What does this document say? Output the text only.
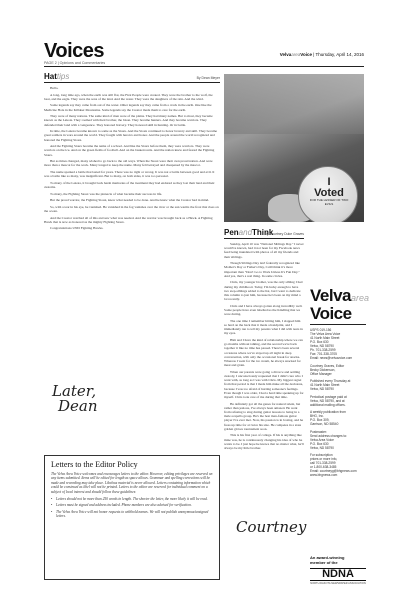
Voices
PAGE 2 | Opinions and Commentaries
VelvaareaVoice | Thursday, April 14, 2016
Hattips	By Dean Meyer

Hello.

A long, long time ago, when the earth was still flat, the First People were created. They were the brother to the wolf, the bear, and the eagle. They were the sons of the land. And the water. They were the daughters of the rain. And the wind.

Some legends say they came from out of the water. Other legends say they came from a crack in the earth. One like the Medicine Hole in the Killdeer Mountains. Some legends say the Creator made them to care for the earth.

They were of many nations. The same kind of men were of the plains. They had many names. But to most, they became known as the Lakota. They roamed with their brother, the bison. They became hunters. And they became warriors. They defended their land with a vengeance. They honored bravery. They honored skill in hunting. Or in battle.

In time, the Lakota became known to some as the Sioux. And the Sioux continued to honor bravery and skill. They became great soldiers in wars around the world. They fought with heroics and honor. And the people around the world recognized and honored the Fighting Sioux.

And the Fighting Sioux became the name of a school. And like the Sioux before them, they were warriors. They were warriors on the ice. And on the green fields of football. And on the basketcourts. And the nation knew and feared the Fighting Sioux.

But as times changed, many wished to go back to the old ways. When the Sioux were their own proud nation. And were more than a mascot for the work. Many longed to keep the name. Many felt betrayed and cheapened by the mascot.

The name sparked a battle that lasted for years. There was no right or wrong. It was not a battle between good and evil. It was a battle like so many, was insignificant. But to many, on both sides, it was too personal.

To many of the Lakota, it brought back harsh memories of the treatment they had endured as they lost their land and their customs.

To many, the Fighting Sioux was the pinnacle of what became their success in life.

But the proud warrior, the Fighting Sioux, knew what needed to be done. And he knew what the Creator had in mind.

So, with a tear in his eye, he vanished. He vanished in the fog vanishes over the river or the sun warms the frost that rises on the ocean.

And the Creator watched all of this and saw what was needed. And the warrior was brought back as a Hawk. A Fighting Hawk that is now as honored as the mighty Fighting Sioux.

Congratulations UND Fighting Hawks.

Later,
Dean
I
Voted
FOR THE LESSER OF TWO EVILS
PenandThink
By Courtney Duke Graves

Sunday, April 10 was "National Siblings Day." I never would've known, had it not been for my Facebook news feed being inundated with photos of all my friends and their siblings.

Though Siblings Day isn't federally recognized like Mother's Day or Father's Day, I still think it's more important than "Don't Go to Work Unless It's Fun Day." And yes, that's a real thing. In some circles.

Chris, my younger brother, was the only sibling I had during my childhood. Today, I'm lucky enough to have two step-siblings added to the list, but I want to dedicate this column to just him, because he's been on my mind a lot recently.

Chris and I have always gotten along incredibly well. Some people have even labelled us the Kindling that we were during.

The one time I remember hitting him, I slapped him so hard on the back that it made a handprint, and I immediately ran to tell my parents what I did with tears in my eyes.

Him and I have the kind of relationship where we can go months without talking, and the second we're back together it like no time has passed. There's been several occasions where we've stayed up all night in deep conversation, with only the occasional break for snacks. Whereas I went for the ice cream, he always snacked for meat and grain.

When our parents were going a divorce and settling custody, I unconsciously requested that I didn't care who I went with, as long as I was with Chris. My biggest regret from that period is that I made him make all the decisions, because I was too afraid of hurting someone's feelings. Even though I was older, I had a hard time speaking up for myself. Chris took care of me during that time.

He definitely got all the genes for natural talent, but rather than jealous, I've always been amazed. He went from refusing to sing during guitar lessons to being in a male acapella group. He's the best man-famous guitar player I've ever met. Now, his passion is in boxing, and he frees up time for at twice his size. He competes in a state golden gloves tournament soon.

This is his first year of college. If his is anything like mine was, he is continuously changing his idea of who he wants to be. I just hope he knows that no matter what, he'll always be my little brother.

Courtney
Letters to the Editor Policy
The Velva Area Voice welcomes and encourages letters to the editor. However, editing privileges are reserved on any items submitted. Items will be edited for length as space allows. Grammar and spelling corrections will be made and rewording may take place. Libelous material is never allowed. Letters containing information which could be construed as libel will not be printed. Letters to the editor are reserved for individual comment on a subject of local interest and should follow these guidelines:
• Letters should not be more than 250 words in length. The shorter the letter, the more likely it will be read.
• Letters must be signed and address included. Phone numbers are also advised for verification.
• The Velva Area Voice will not honor requests to withhold names. We will not publish anonymous/unsigned letters.
Velvaarea
Voice
USPS 019-156
The Velva Area Voice
41 North Main Street
P.O. Box 630
Velva, ND 58790
Ph. 701-338-2599
Fax: 701-338-3705
Email: news@velvavoice.com
Courtney Graves, Editor
Becky Dickenson,
Office Manager
Published every Thursday at
41 North Main Street
Velva, ND 58790
Periodical postage paid at
Velva, ND 58790, and at
additional mailing offices.
A weekly publication from
BHG, Inc.
P.O. Box 309,
Garrison, ND 58540
Postmaster:
Send address changes to:
Velva Area Voice
P.O. Box 630
Velva, ND 58790
For subscription
prices or more info,
call 701-338-2599
or 1-800-638-3485
Email: courtneyg@bhgnews.com
www.bhgnews.com
An award-winning
member of the
NDNA
NORTH DAKOTA NEWSPAPER ASSOCIATION
